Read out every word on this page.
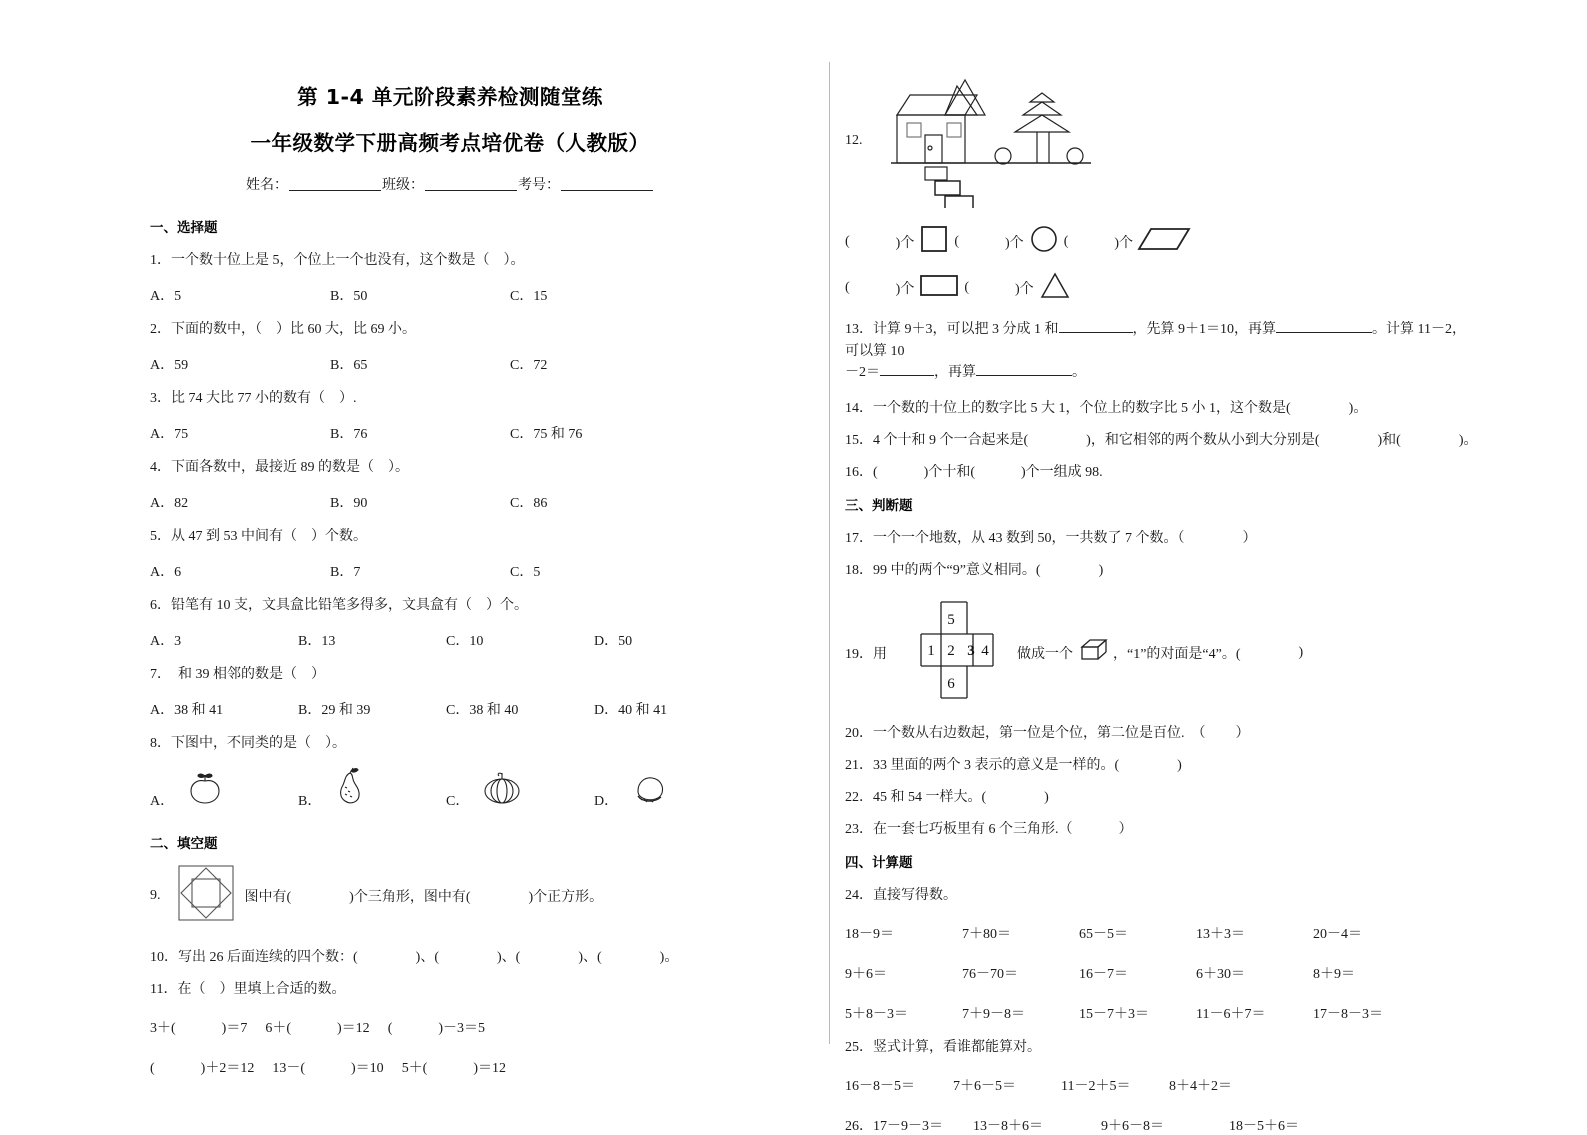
第 1-4 单元阶段素养检测随堂练
一年级数学下册高频考点培优卷（人教版）
姓名：	班级：	考号：
一、选择题
1．一个数十位上是 5，个位上一个也没有，这个数是（　）。
A．5	B．50	C．15
2．下面的数中，（　）比 60 大，比 69 小。
A．59	B．65	C．72
3．比 74 大比 77 小的数有（　）.
A．75	B．76	C．75 和 76
4．下面各数中，最接近 89 的数是（　）。
A．82	B．90	C．86
5．从 47 到 53 中间有（　）个数。
A．6	B．7	C．5
6．铅笔有 10 支，文具盒比铅笔多得多，文具盒有（　）个。
A．3	B．13	C．10	D．50
7．　和 39 相邻的数是（　）
A．38 和 41	B．29 和 39	C．38 和 40	D．40 和 41
8．下图中，不同类的是（　）。
A．	B．	C．	D．
二、填空题
9.	图中有(	)个三角形，图中有(	)个正方形。
10．写出 26 后面连续的四个数：(	)、(	)、(	)、(	)。
11．在（　）里填上合适的数。
3＋(	)＝7 6＋(	)＝12 (	)－3＝5
(	)＋2＝12 13－(	)＝10 5＋(	)＝12
12.
(	)个	(	)个	(	)个
(	)个	(	)个
13．计算 9＋3，可以把 3 分成 1 和	，先算 9＋1＝10，再算	。计算 11－2，可以算 10
－2＝	，再算	。
14．一个数的十位上的数字比 5 大 1，个位上的数字比 5 小 1，这个数是(	)。
15．4 个十和 9 个一合起来是(	)，和它相邻的两个数从小到大分别是(	)和(	)。
16．(	)个十和(	)个一组成 98.
三、判断题
17．一个一个地数，从 43 数到 50，一共数了 7 个数。（	）
18．99 中的两个“9”意义相同。(	)
19． 用	1 2 3 4
5
6
做成一个	，“1”的对面是“4”。(	)
20．一个数从右边数起，第一位是个位，第二位是百位.　（ ）
21．33 里面的两个 3 表示的意义是一样的。(	)
22．45 和 54 一样大。(	)
23．在一套七巧板里有 6 个三角形.（	）
四、计算题
24．直接写得数。
18－9＝	7＋80＝	65－5＝	13＋3＝	20－4＝
9＋6＝	76－70＝	16－7＝	6＋30＝	8＋9＝
5＋8－3＝	7＋9－8＝	15－7＋3＝	11－6＋7＝	17－8－3＝
25．竖式计算，看谁都能算对。
16－8－5＝	7＋6－5＝	11－2＋5＝	8＋4＋2＝
26．17－9－3＝	13－8＋6＝	9＋6－8＝	18－5＋6＝
